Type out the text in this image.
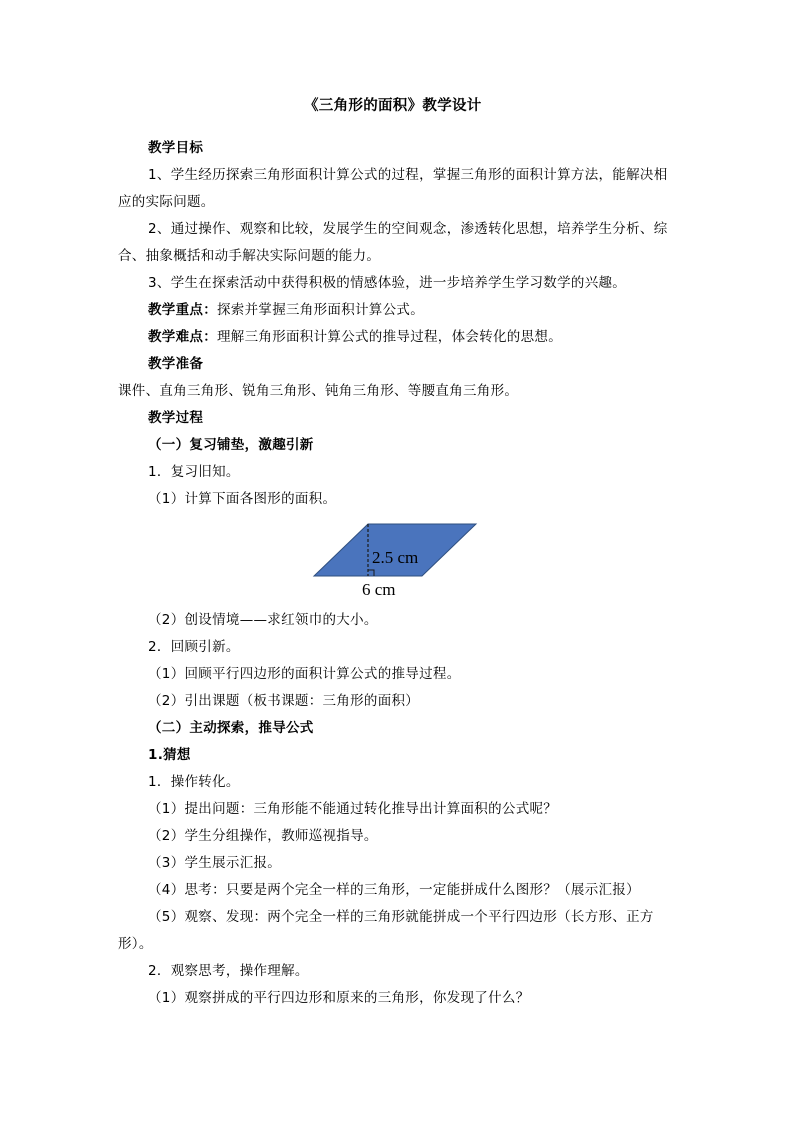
《三角形的面积》教学设计
教学目标
1、学生经历探索三角形面积计算公式的过程，掌握三角形的面积计算方法，能解决相
应的实际问题。
2、通过操作、观察和比较，发展学生的空间观念，渗透转化思想，培养学生分析、综
合、抽象概括和动手解决实际问题的能力。
3、学生在探索活动中获得积极的情感体验，进一步培养学生学习数学的兴趣。
教学重点：探索并掌握三角形面积计算公式。
教学难点：理解三角形面积计算公式的推导过程，体会转化的思想。
教学准备
课件、直角三角形、锐角三角形、钝角三角形、等腰直角三角形。
教学过程
（一）复习铺垫，激趣引新
1．复习旧知。
（1）计算下面各图形的面积。
2.5 cm
6 cm
（2）创设情境——求红领巾的大小。
2．回顾引新。
（1）回顾平行四边形的面积计算公式的推导过程。
（2）引出课题（板书课题：三角形的面积）
（二）主动探索，推导公式
1.猜想
1．操作转化。
（1）提出问题：三角形能不能通过转化推导出计算面积的公式呢？
（2）学生分组操作，教师巡视指导。
（3）学生展示汇报。
（4）思考：只要是两个完全一样的三角形，一定能拼成什么图形？（展示汇报）
（5）观察、发现：两个完全一样的三角形就能拼成一个平行四边形（长方形、正方
形）。
2．观察思考，操作理解。
（1）观察拼成的平行四边形和原来的三角形，你发现了什么？
